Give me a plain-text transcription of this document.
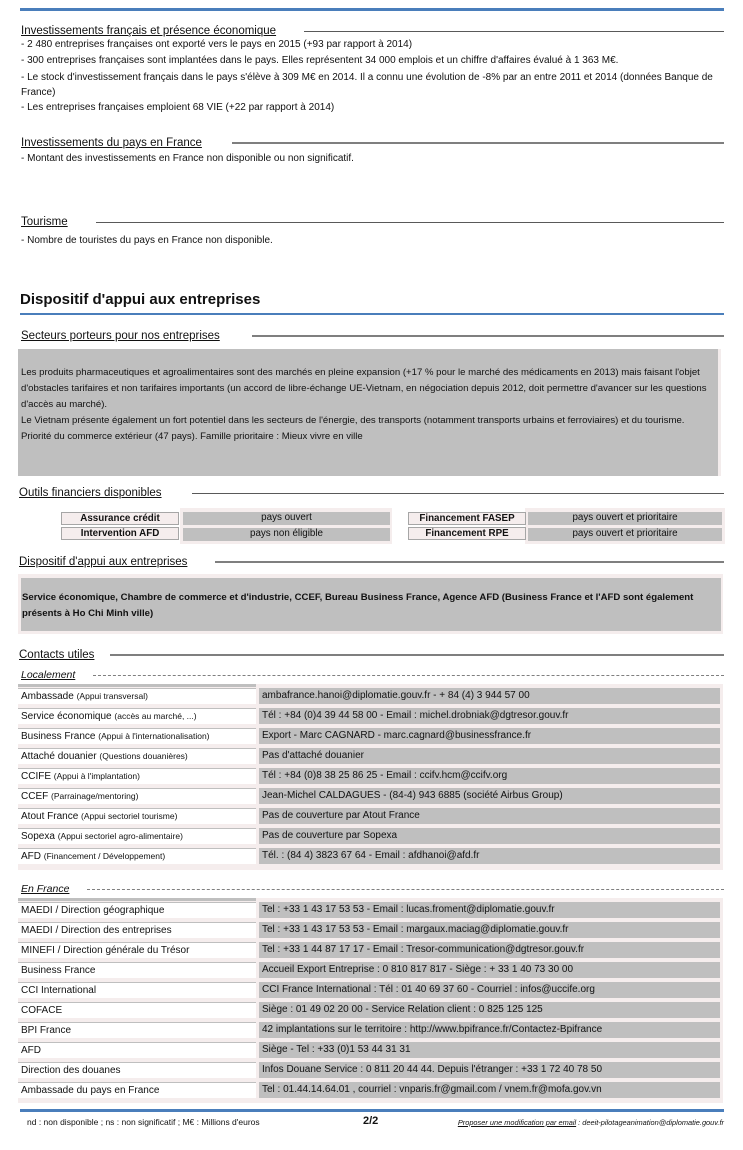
Investissements français et présence économique
- 2 480 entreprises françaises ont exporté vers le pays en 2015 (+93 par rapport à 2014)
- 300 entreprises françaises sont implantées dans le pays. Elles représentent 34 000 emplois et un chiffre d'affaires évalué à 1 363 M€.
- Le stock d'investissement français dans le pays s'élève à 309 M€ en 2014. Il a connu une évolution de -8% par an entre 2011 et 2014 (données Banque de France)
- Les entreprises françaises emploient 68 VIE (+22 par rapport à 2014)
Investissements du pays en France
- Montant des investissements en France non disponible ou non significatif.
Tourisme
- Nombre de touristes du pays en France non disponible.
Dispositif d'appui aux entreprises
Secteurs porteurs pour nos entreprises
Les produits pharmaceutiques et agroalimentaires sont des marchés en pleine expansion (+17 % pour le marché des médicaments en 2013) mais faisant l'objet d'obstacles tarifaires et non tarifaires importants (un accord de libre-échange UE-Vietnam, en négociation depuis 2012, doit permettre d'avancer sur les questions d'accès au marché).
Le Vietnam présente également un fort potentiel dans les secteurs de l'énergie, des transports (notamment transports urbains et ferroviaires) et du tourisme.
Priorité du commerce extérieur (47 pays). Famille prioritaire : Mieux vivre en ville
Outils financiers disponibles
Assurance crédit	pays ouvert
Intervention AFD	pays non éligible
Financement FASEP	pays ouvert et prioritaire
Financement RPE	pays ouvert et prioritaire
Dispositif d'appui aux entreprises
Service économique, Chambre de commerce et d'industrie, CCEF, Bureau Business France, Agence AFD (Business France et l'AFD sont également présents à Ho Chi Minh ville)
Contacts utiles
Localement
Ambassade (Appui transversal)	ambafrance.hanoi@diplomatie.gouv.fr - + 84 (4) 3 944 57 00
Service économique (accès au marché, ...)	Tél : +84 (0)4 39 44 58 00 - Email : michel.drobniak@dgtresor.gouv.fr
Business France (Appui à l'internationalisation)	Export - Marc CAGNARD - marc.cagnard@businessfrance.fr
Attaché douanier (Questions douanières)	Pas d'attaché douanier
CCIFE (Appui à l'implantation)	Tél : +84 (0)8 38 25 86 25 - Email : ccifv.hcm@ccifv.org
CCEF (Parrainage/mentoring)	Jean-Michel CALDAGUES - (84-4) 943 6885 (société Airbus Group)
Atout France (Appui sectoriel tourisme)	Pas de couverture par Atout France
Sopexa (Appui sectoriel agro-alimentaire)	Pas de couverture par Sopexa
AFD (Financement / Développement)	Tél. : (84 4) 3823 67 64 - Email : afdhanoi@afd.fr
En France
MAEDI / Direction géographique	Tel : +33 1 43 17 53 53 - Email : lucas.froment@diplomatie.gouv.fr
MAEDI / Direction des entreprises	Tel : +33 1 43 17 53 53 - Email : margaux.maciag@diplomatie.gouv.fr
MINEFI / Direction générale du Trésor	Tel : +33 1 44 87 17 17 - Email : Tresor-communication@dgtresor.gouv.fr
Business France	Accueil Export Entreprise : 0 810 817 817 - Siège : + 33 1 40 73 30 00
CCI International	CCI France International : Tél : 01 40 69 37 60 - Courriel : infos@uccife.org
COFACE	Siège : 01 49 02 20 00 - Service Relation client : 0 825 125 125
BPI France	42 implantations sur le territoire : http://www.bpifrance.fr/Contactez-Bpifrance
AFD	Siège - Tel : +33 (0)1 53 44 31 31
Direction des douanes	Infos Douane Service : 0 811 20 44 44. Depuis l'étranger : +33 1 72 40 78 50
Ambassade du pays en France	Tel : 01.44.14.64.01 , courriel : vnparis.fr@gmail.com / vnem.fr@mofa.gov.vn
nd : non disponible ; ns : non significatif ; M€ : Millions d'euros	2/2	Proposer une modification par email : deeit-pilotageanimation@diplomatie.gouv.fr
